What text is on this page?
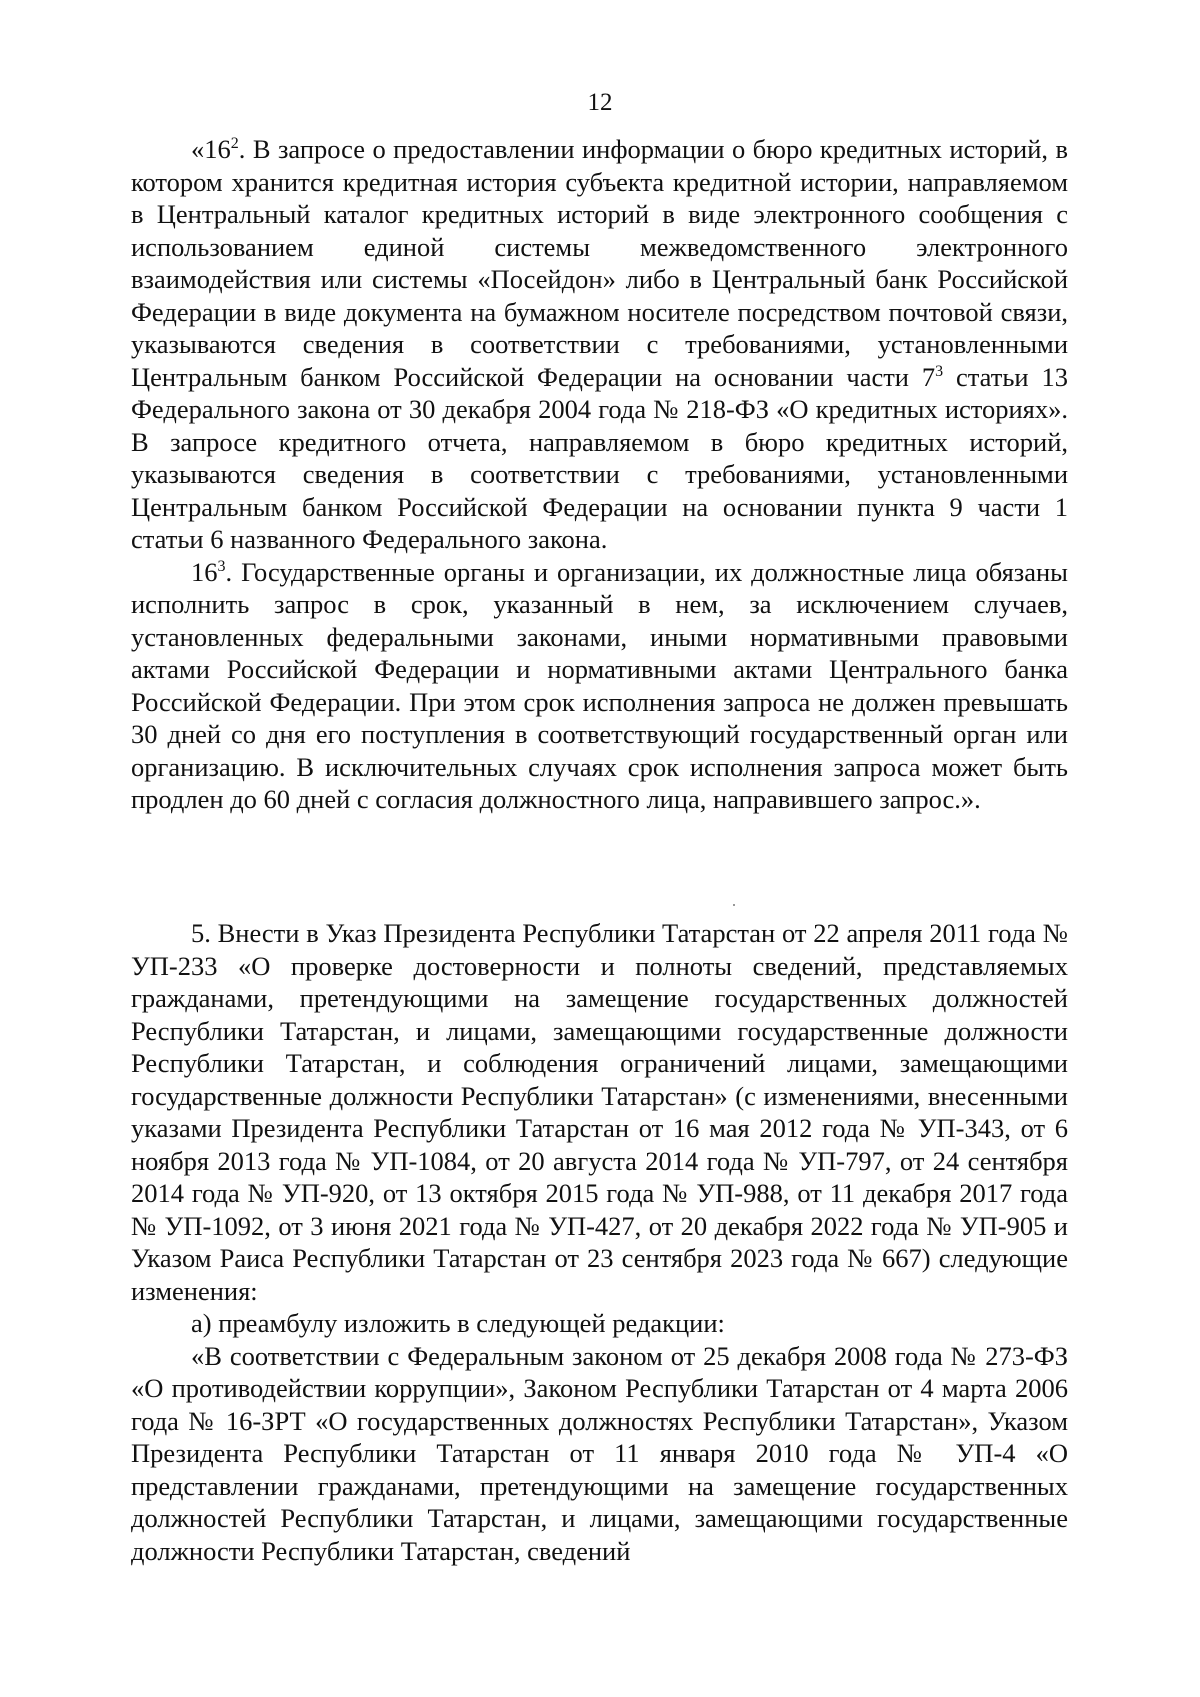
12

«$16^2$. В запросе о предоставлении информации о бюро кредитных историй, в котором хранится кредитная история субъекта кредитной истории, направляемом в Центральный каталог кредитных историй в виде электронного сообщения с использованием единой системы межведомственного электронного взаимодействия или системы «Посейдон» либо в Центральный банк Российской Федерации в виде документа на бумажном носителе посредством почтовой связи, указываются сведения в соответствии с требованиями, установленными Центральным банком Российской Федерации на основании части $7^3$ статьи 13 Федерального закона от 30 декабря 2004 года № 218-ФЗ «О кредитных историях». В запросе кредитного отчета, направляемом в бюро кредитных историй, указываются сведения в соответствии с требованиями, установленными Центральным банком Российской Федерации на основании пункта 9 части 1 статьи 6 названного Федерального закона.

$16^3$. Государственные органы и организации, их должностные лица обязаны исполнить запрос в срок, указанный в нем, за исключением случаев, установленных федеральными законами, иными нормативными правовыми актами Российской Федерации и нормативными актами Центрального банка Российской Федерации. При этом срок исполнения запроса не должен превышать 30 дней со дня его поступления в соответствующий государственный орган или организацию. В исключительных случаях срок исполнения запроса может быть продлен до 60 дней с согласия должностного лица, направившего запрос.».

5. Внести в Указ Президента Республики Татарстан от 22 апреля 2011 года № УП-233 «О проверке достоверности и полноты сведений, представляемых гражданами, претендующими на замещение государственных должностей Республики Татарстан, и лицами, замещающими государственные должности Республики Татарстан, и соблюдения ограничений лицами, замещающими государственные должности Республики Татарстан» (с изменениями, внесенными указами Президента Республики Татарстан от 16 мая 2012 года № УП-343, от 6 ноября 2013 года № УП-1084, от 20 августа 2014 года № УП-797, от 24 сентября 2014 года № УП-920, от 13 октября 2015 года № УП-988, от 11 декабря 2017 года № УП-1092, от 3 июня 2021 года № УП-427, от 20 декабря 2022 года № УП-905 и Указом Раиса Республики Татарстан от 23 сентября 2023 года № 667) следующие изменения:

а) преамбулу изложить в следующей редакции:

«В соответствии с Федеральным законом от 25 декабря 2008 года № 273-ФЗ «О противодействии коррупции», Законом Республики Татарстан от 4 марта 2006 года № 16-ЗРТ «О государственных должностях Республики Татарстан», Указом Президента Республики Татарстан от 11 января 2010 года № УП-4 «О представлении гражданами, претендующими на замещение государственных должностей Республики Татарстан, и лицами, замещающими государственные должности Республики Татарстан, сведений
